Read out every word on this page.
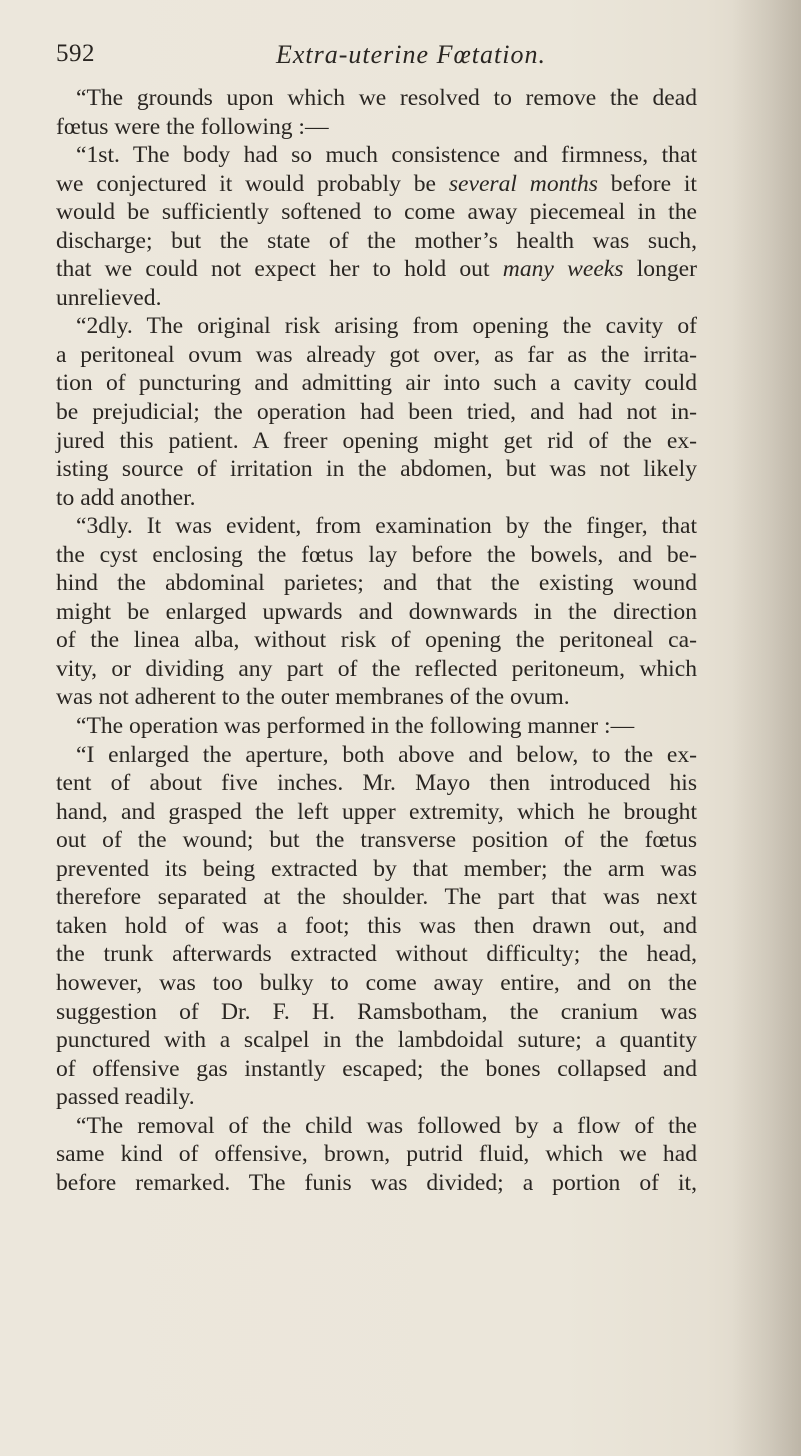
592	Extra-uterine Fœtation.
“The grounds upon which we resolved to remove the dead
fœtus were the following :—
“1st. The body had so much consistence and firmness, that
we conjectured it would probably be several months before it
would be sufficiently softened to come away piecemeal in the
discharge; but the state of the mother’s health was such,
that we could not expect her to hold out many weeks longer
unrelieved.
“2dly. The original risk arising from opening the cavity of
a peritoneal ovum was already got over, as far as the irrita-
tion of puncturing and admitting air into such a cavity could
be prejudicial; the operation had been tried, and had not in-
jured this patient. A freer opening might get rid of the ex-
isting source of irritation in the abdomen, but was not likely
to add another.
“3dly. It was evident, from examination by the finger, that
the cyst enclosing the fœtus lay before the bowels, and be-
hind the abdominal parietes; and that the existing wound
might be enlarged upwards and downwards in the direction
of the linea alba, without risk of opening the peritoneal ca-
vity, or dividing any part of the reflected peritoneum, which
was not adherent to the outer membranes of the ovum.
“The operation was performed in the following manner :—
“I enlarged the aperture, both above and below, to the ex-
tent of about five inches. Mr. Mayo then introduced his
hand, and grasped the left upper extremity, which he brought
out of the wound; but the transverse position of the fœtus
prevented its being extracted by that member; the arm was
therefore separated at the shoulder. The part that was next
taken hold of was a foot; this was then drawn out, and
the trunk afterwards extracted without difficulty; the head,
however, was too bulky to come away entire, and on the
suggestion of Dr. F. H. Ramsbotham, the cranium was
punctured with a scalpel in the lambdoidal suture; a quantity
of offensive gas instantly escaped; the bones collapsed and
passed readily.
“The removal of the child was followed by a flow of the
same kind of offensive, brown, putrid fluid, which we had
before remarked. The funis was divided; a portion of it,
